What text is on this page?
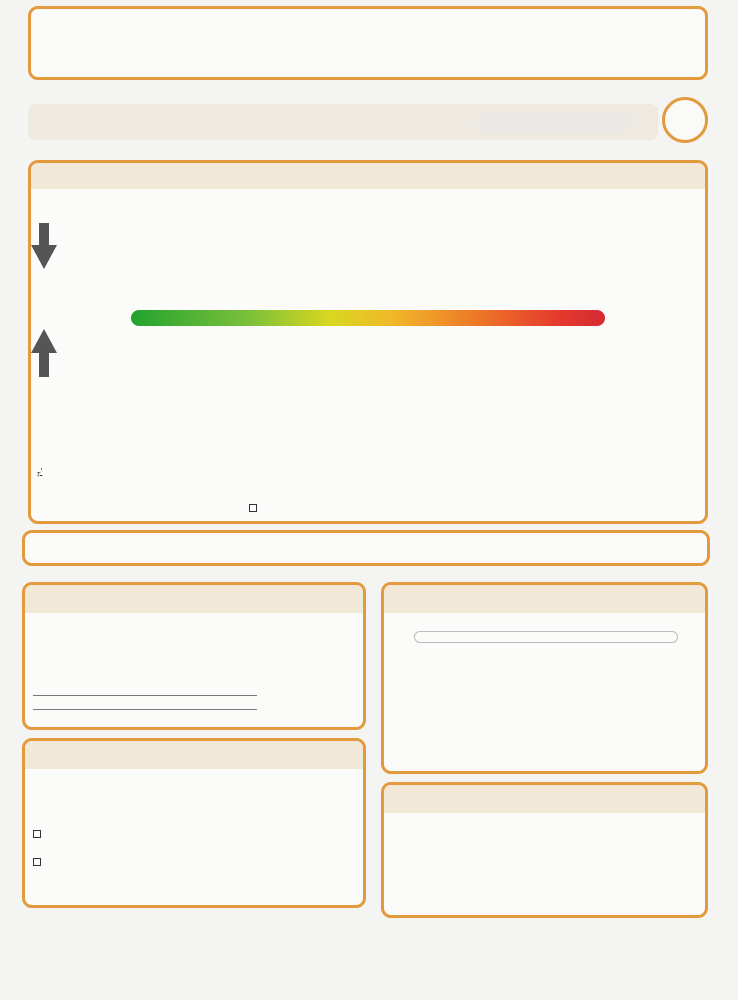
$_T$'
